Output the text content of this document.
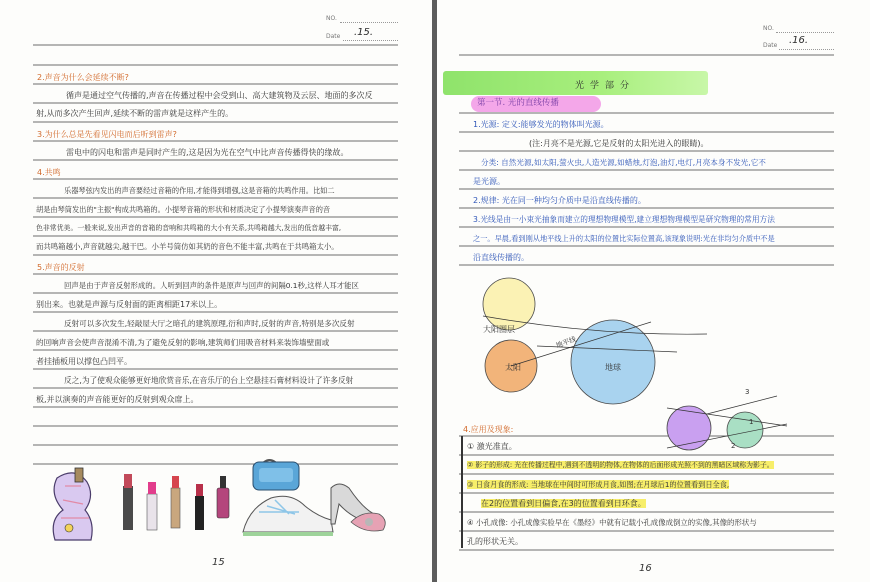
NO.
Date .15.
2.声音为什么会延续不断?
循声是通过空气传播的,声音在传播过程中会受到山、高大建筑物及云层、地面的多次反
射,从而多次产生回声,延续不断的雷声就是这样产生的。
3.为什么总是先看见闪电而后听到雷声?
雷电中的闪电和雷声是同时产生的,这是因为光在空气中比声音传播得快的缘故。
4.共鸣
乐器琴弦内发出的声音要经过音箱的作用,才能得到增强,这是音箱的共鸣作用。比如二
胡是由琴筒发出的"主振"构成共鸣箱的。小提琴音箱的形状和材质决定了小提琴演奏声音的音
色非常优美。一般来说,发出声音的音箱的音响和共鸣箱的大小有关系,共鸣箱越大,发出的低音越丰富,
而共鸣箱越小,声音就越尖,越干巴。小羊号筒仿如其奶的音色不能丰富,共鸣在于共鸣箱太小。
5.声音的反射
回声是由于声音反射形成的。人听到回声的条件是原声与回声的间隔0.1秒,这样人耳才能区
别出来。也就是声源与反射面的距离相距17米以上。
反射可以多次发生,轻敲屋大厅之暗孔的建筑原理,衍和声时,反射的声音,特别是多次反射
的回响声音会使声音混淆不清,为了避免反射的影响,建筑师们用吸音材料来装饰墙壁面或
者挂插板用以撑包凸凹平。
反之,为了使观众能够更好地欣赏音乐,在音乐厅的台上空悬挂石膏材料设计了许多反射
板,并以演奏的声音能更好的反射到观众席上。
15
NO.
Date .16.
光学部分
第一节. 光的直线传播
1.光源: 定义:能够发光的物体叫光源。
(注:月亮不是光源,它是反射的太阳光进入的眼睛)。
分类: 自然光源,如太阳,萤火虫,人造光源,如蜡烛,灯泡,油灯,电灯,月亮本身不发光,它不
是光源。
2.规律: 光在同一种均匀介质中是沿直线传播的。
3.光线是由一小束光抽象而建立的理想物理模型,建立理想物理模型是研究物理的常用方法
之一。早晨,看到刚从地平线上升的太阳的位置比实际位置高,该现象说明:光在非均匀介质中不是
沿直线传播的。
大阳圈层
太阳	地球
地平线
3
1
2
4.应用及现象:
① 激光准直。
② 影子的形成: 光在传播过程中,遇到不透明的物体,在物体的后面形成光照不到的黑暗区域称为影子。
③ 日食月食的形成: 当地球在中间时可形成月食,如图;在月球后1的位置看到日全食,
在2的位置看到日偏食,在3的位置看到日环食。
④ 小孔成像: 小孔成像实验早在《墨经》中就有记载小孔成像成倒立的实像,其像的形状与
孔的形状无关。
16
